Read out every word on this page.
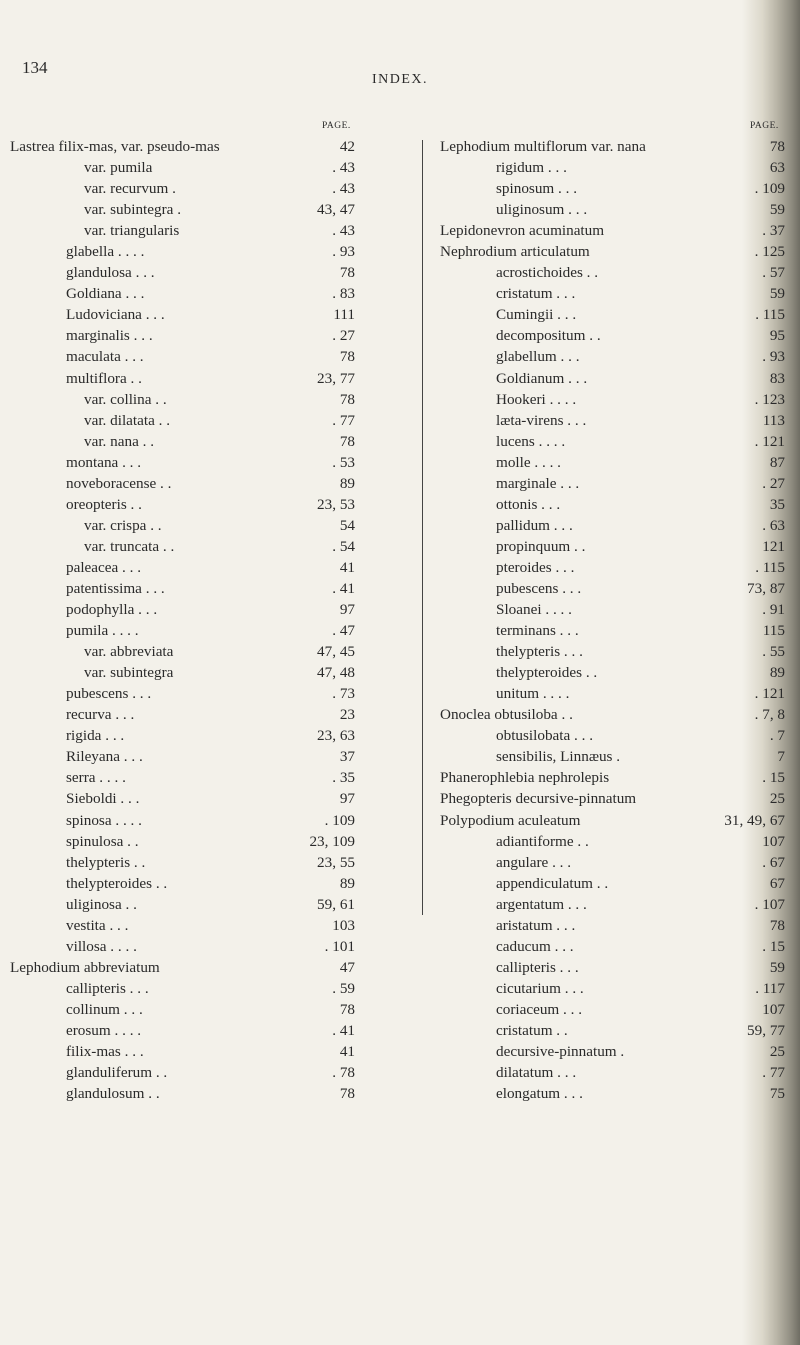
134
INDEX.
PAGE.	PAGE.
Lastrea filix-mas, var. pseudo-mas	42
var. pumila	. 43
var. recurvum .	. 43
var. subintegra .	43, 47
var. triangularis	. 43
glabella . . . .	. 93
glandulosa . . .	78
Goldiana . . .	. 83
Ludoviciana . . .	111
marginalis . . .	. 27
maculata . . .	78
multiflora . .	23, 77
var. collina . .	78
var. dilatata . .	. 77
var. nana . .	78
montana . . .	. 53
noveboracense . .	89
oreopteris . .	23, 53
var. crispa . .	54
var. truncata . .	. 54
paleacea . . .	41
patentissima . . .	. 41
podophylla . . .	97
pumila . . . .	. 47
var. abbreviata	47, 45
var. subintegra	47, 48
pubescens . . .	. 73
recurva . . .	23
rigida . . .	23, 63
Rileyana . . .	37
serra . . . .	. 35
Sieboldi . . .	97
spinosa . . . .	. 109
spinulosa . .	23, 109
thelypteris . .	23, 55
thelypteroides . .	89
uliginosa . .	59, 61
vestita . . .	103
villosa . . . .	. 101
Lephodium abbreviatum	47
callipteris . . .	. 59
collinum . . .	78
erosum . . . .	. 41
filix-mas . . .	41
glanduliferum . .	. 78
glandulosum . .	78
Lephodium multiflorum var. nana	78
rigidum . . .	63
spinosum . . .	. 109
uliginosum . . .	59
Lepidonevron acuminatum	. 37
Nephrodium articulatum	. 125
acrostichoides . .	. 57
cristatum . . .	59
Cumingii . . .	. 115
decompositum . .	95
glabellum . . .	. 93
Goldianum . . .	83
Hookeri . . . .	. 123
læta-virens . . .	113
lucens . . . .	. 121
molle . . . .	87
marginale . . .	. 27
ottonis . . .	35
pallidum . . .	. 63
propinquum . .	121
pteroides . . .	. 115
pubescens . . .	73, 87
Sloanei . . . .	. 91
terminans . . .	115
thelypteris . . .	. 55
thelypteroides . .	89
unitum . . . .	. 121
Onoclea obtusiloba . .	. 7, 8
obtusilobata . . .	. 7
sensibilis, Linnæus .	7
Phanerophlebia nephrolepis	. 15
Phegopteris decursive-pinnatum	25
Polypodium aculeatum	31, 49, 67
adiantiforme . .	107
angulare . . .	. 67
appendiculatum . .	67
argentatum . . .	. 107
aristatum . . .	78
caducum . . .	. 15
callipteris . . .	59
cicutarium . . .	. 117
coriaceum . . .	107
cristatum . .	59, 77
decursive-pinnatum .	25
dilatatum . . .	. 77
elongatum . . .	75
